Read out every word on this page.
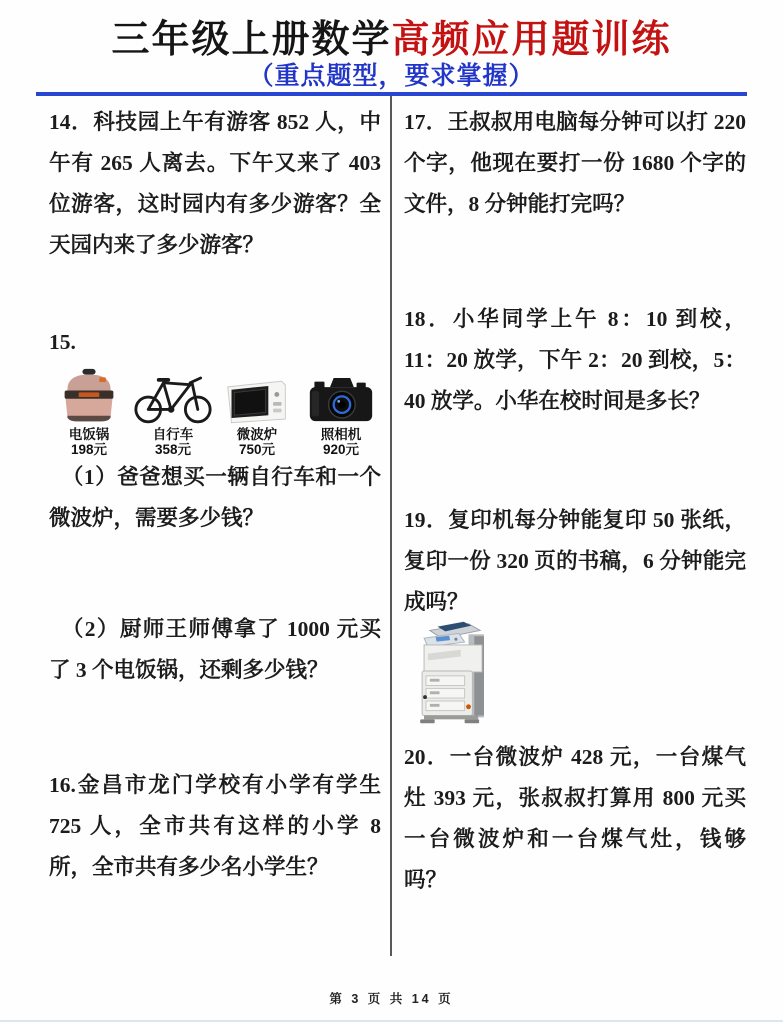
三年级上册数学高频应用题训练
（重点题型，要求掌握）
14．科技园上午有游客 852 人，中午有 265 人离去。下午又来了 403 位游客，这时园内有多少游客？全天园内来了多少游客？
15.
电饭锅
198元
自行车
358元
微波炉
750元
照相机
920元
（1）爸爸想买一辆自行车和一个微波炉，需要多少钱？
（2）厨师王师傅拿了 1000 元买了 3 个电饭锅，还剩多少钱？
16.金昌市龙门学校有小学有学生 725 人，全市共有这样的小学 8 所，全市共有多少名小学生？
17．王叔叔用电脑每分钟可以打 220 个字，他现在要打一份 1680 个字的文件，8 分钟能打完吗？
18．小华同学上午 8：10 到校，11：20 放学，下午 2：20 到校，5：40 放学。小华在校时间是多长？
19．复印机每分钟能复印 50 张纸，复印一份 320 页的书稿，6 分钟能完成吗？
20．一台微波炉 428 元，一台煤气灶 393 元，张叔叔打算用 800 元买一台微波炉和一台煤气灶，钱够吗？
第 3 页 共 14 页
